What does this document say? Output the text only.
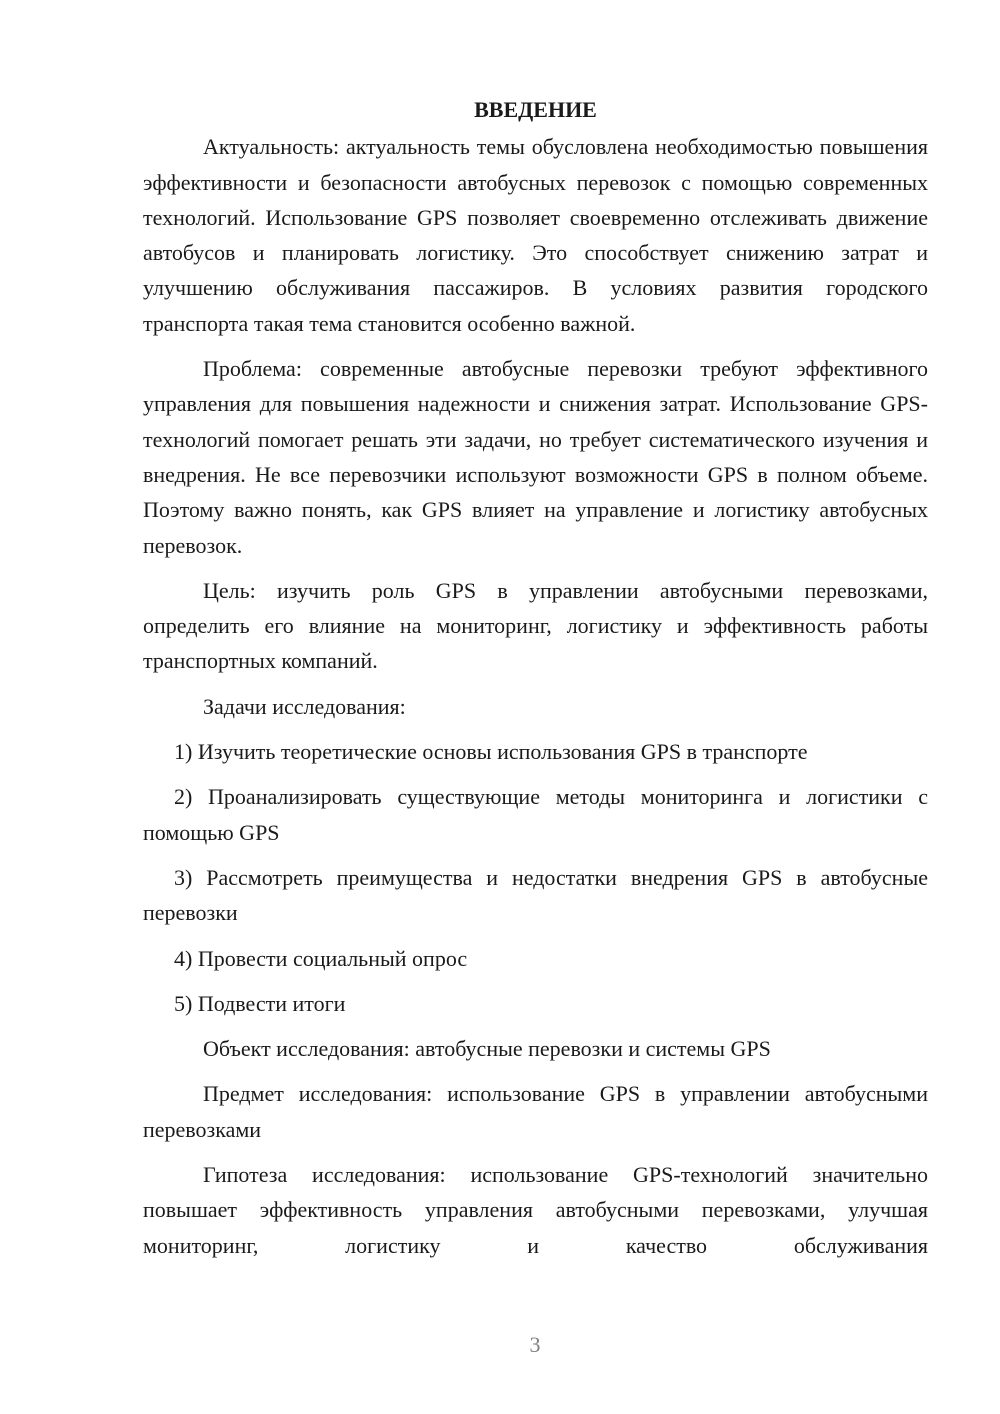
ВВЕДЕНИЕ

Актуальность: актуальность темы обусловлена необходимостью повышения эффективности и безопасности автобусных перевозок с помощью современных технологий. Использование GPS позволяет своевременно отслеживать движение автобусов и планировать логистику. Это способствует снижению затрат и улучшению обслуживания пассажиров. В условиях развития городского транспорта такая тема становится особенно важной.

Проблема: современные автобусные перевозки требуют эффективного управления для повышения надежности и снижения затрат. Использование GPS-технологий помогает решать эти задачи, но требует систематического изучения и внедрения. Не все перевозчики используют возможности GPS в полном объеме. Поэтому важно понять, как GPS влияет на управление и логистику автобусных перевозок.

Цель: изучить роль GPS в управлении автобусными перевозками, определить его влияние на мониторинг, логистику и эффективность работы транспортных компаний.

Задачи исследования:

1) Изучить теоретические основы использования GPS в транспорте

2) Проанализировать существующие методы мониторинга и логистики с помощью GPS

3) Рассмотреть преимущества и недостатки внедрения GPS в автобусные перевозки

4) Провести социальный опрос

5) Подвести итоги

Объект исследования: автобусные перевозки и системы GPS

Предмет исследования: использование GPS в управлении автобусными перевозками

Гипотеза исследования: использование GPS-технологий значительно повышает эффективность управления автобусными перевозками, улучшая мониторинг, логистику и качество обслуживания

3
